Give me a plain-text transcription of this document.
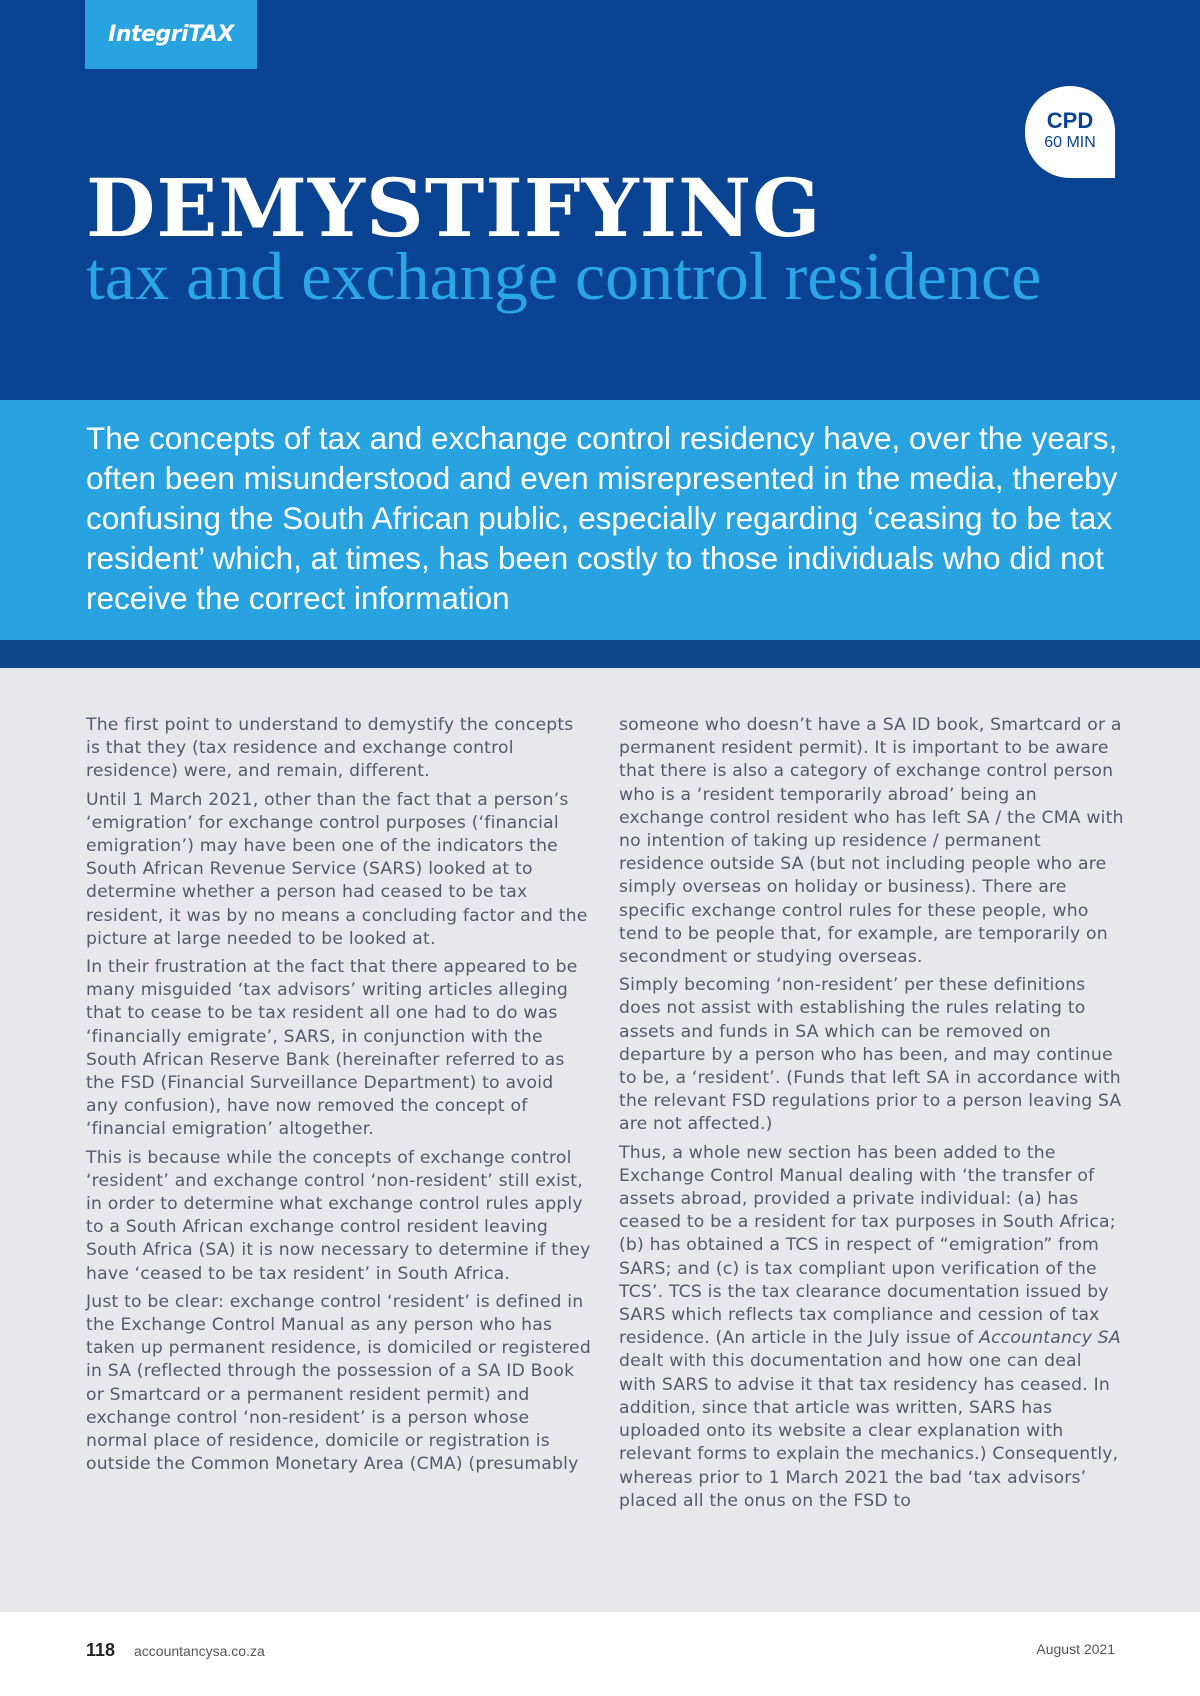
IntegriTAX
CPD
60 MIN
DEMYSTIFYING
tax and exchange control residence

The concepts of tax and exchange control residency have, over the years, often been misunderstood and even misrepresented in the media, thereby confusing the South African public, especially regarding ‘ceasing to be tax resident’ which, at times, has been costly to those individuals who did not receive the correct information

The first point to understand to demystify the concepts is that they (tax residence and exchange control residence) were, and remain, different.

Until 1 March 2021, other than the fact that a person’s ‘emigration’ for exchange control purposes (‘financial emigration’) may have been one of the indicators the South African Revenue Service (SARS) looked at to determine whether a person had ceased to be tax resident, it was by no means a concluding factor and the picture at large needed to be looked at.

In their frustration at the fact that there appeared to be many misguided ‘tax advisors’ writing articles alleging that to cease to be tax resident all one had to do was ‘financially emigrate’, SARS, in conjunction with the South African Reserve Bank (hereinafter referred to as the FSD (Financial Surveillance Department) to avoid any confusion), have now removed the concept of ‘financial emigration’ altogether.

This is because while the concepts of exchange control ‘resident’ and exchange control ‘non-resident’ still exist, in order to determine what exchange control rules apply to a South African exchange control resident leaving South Africa (SA) it is now necessary to determine if they have ‘ceased to be tax resident’ in South Africa.

Just to be clear: exchange control ‘resident’ is defined in the Exchange Control Manual as any person who has taken up permanent residence, is domiciled or registered in SA (reflected through the possession of a SA ID Book or Smartcard or a permanent resident permit) and exchange control ‘non-resident’ is a person whose normal place of residence, domicile or registration is outside the Common Monetary Area (CMA) (presumably

someone who doesn’t have a SA ID book, Smartcard or a permanent resident permit). It is important to be aware that there is also a category of exchange control person who is a ‘resident temporarily abroad’ being an exchange control resident who has left SA / the CMA with no intention of taking up residence / permanent residence outside SA (but not including people who are simply overseas on holiday or business). There are specific exchange control rules for these people, who tend to be people that, for example, are temporarily on secondment or studying overseas.

Simply becoming ‘non-resident’ per these definitions does not assist with establishing the rules relating to assets and funds in SA which can be removed on departure by a person who has been, and may continue to be, a ‘resident’. (Funds that left SA in accordance with the relevant FSD regulations prior to a person leaving SA are not affected.)

Thus, a whole new section has been added to the Exchange Control Manual dealing with ‘the transfer of assets abroad, provided a private individual: (a) has ceased to be a resident for tax purposes in South Africa; (b) has obtained a TCS in respect of “emigration” from SARS; and (c) is tax compliant upon verification of the TCS’. TCS is the tax clearance documentation issued by SARS which reflects tax compliance and cession of tax residence. (An article in the July issue of Accountancy SA dealt with this documentation and how one can deal with SARS to advise it that tax residency has ceased. In addition, since that article was written, SARS has uploaded onto its website a clear explanation with relevant forms to explain the mechanics.) Consequently, whereas prior to 1 March 2021 the bad ‘tax advisors’ placed all the onus on the FSD to

118 accountancysa.co.za	August 2021
